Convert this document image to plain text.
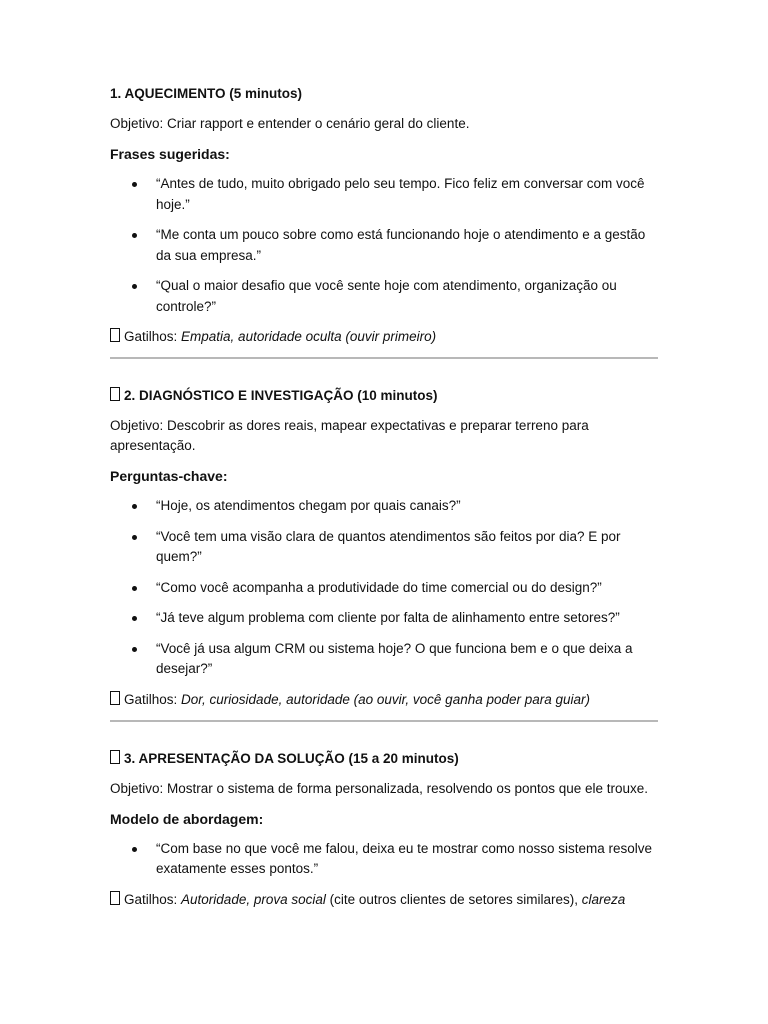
1. AQUECIMENTO (5 minutos)
Objetivo: Criar rapport e entender o cenário geral do cliente.
Frases sugeridas:
“Antes de tudo, muito obrigado pelo seu tempo. Fico feliz em conversar com você hoje.”
“Me conta um pouco sobre como está funcionando hoje o atendimento e a gestão da sua empresa.”
“Qual o maior desafio que você sente hoje com atendimento, organização ou controle?”
Gatilhos: Empatia, autoridade oculta (ouvir primeiro)
2. DIAGNÓSTICO E INVESTIGAÇÃO (10 minutos)
Objetivo: Descobrir as dores reais, mapear expectativas e preparar terreno para apresentação.
Perguntas-chave:
“Hoje, os atendimentos chegam por quais canais?”
“Você tem uma visão clara de quantos atendimentos são feitos por dia? E por quem?”
“Como você acompanha a produtividade do time comercial ou do design?”
“Já teve algum problema com cliente por falta de alinhamento entre setores?”
“Você já usa algum CRM ou sistema hoje? O que funciona bem e o que deixa a desejar?”
Gatilhos: Dor, curiosidade, autoridade (ao ouvir, você ganha poder para guiar)
3. APRESENTAÇÃO DA SOLUÇÃO (15 a 20 minutos)
Objetivo: Mostrar o sistema de forma personalizada, resolvendo os pontos que ele trouxe.
Modelo de abordagem:
“Com base no que você me falou, deixa eu te mostrar como nosso sistema resolve exatamente esses pontos.”
Gatilhos: Autoridade, prova social (cite outros clientes de setores similares), clareza
